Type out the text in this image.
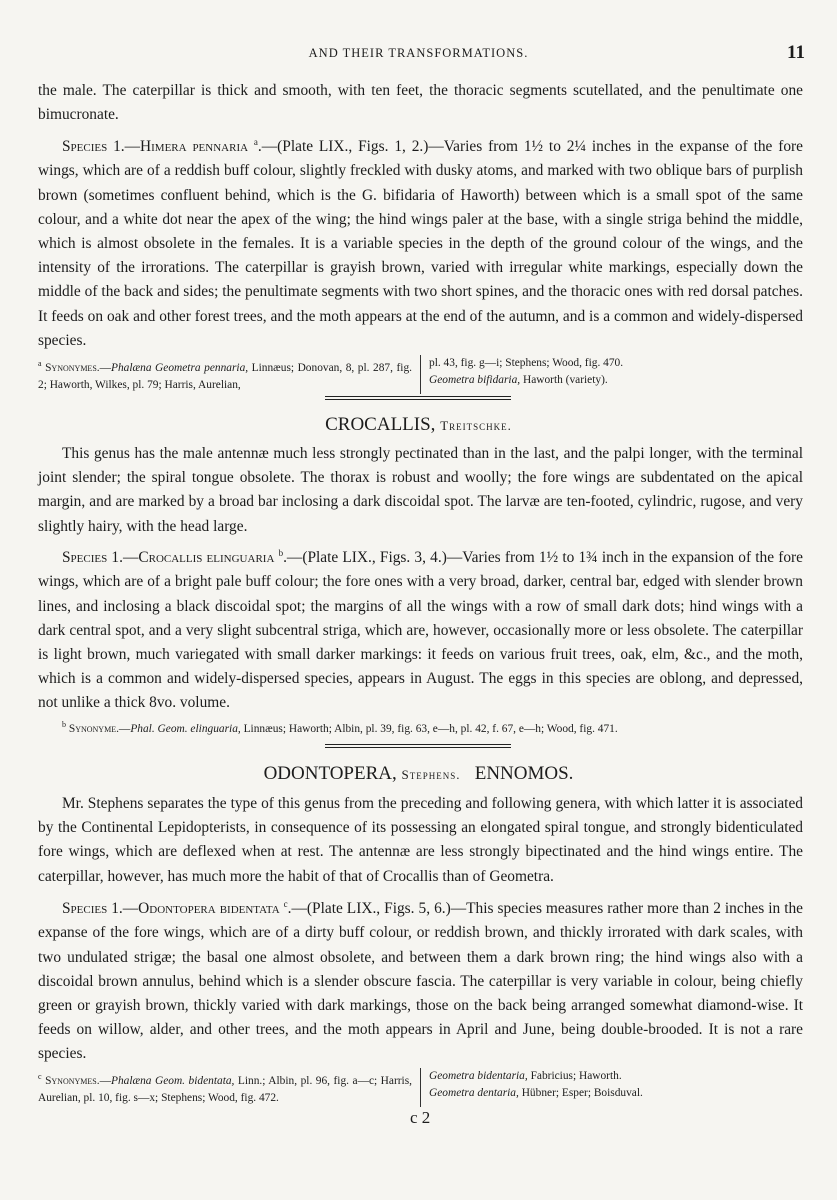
AND THEIR TRANSFORMATIONS.	11

the male. The caterpillar is thick and smooth, with ten feet, the thoracic segments scutellated, and the penultimate one bimucronate.

Species 1.—Himera pennaria $^a$.—(Plate LIX., Figs. 1, 2.)—Varies from 1½ to 2¼ inches in the expanse of the fore wings, which are of a reddish buff colour, slightly freckled with dusky atoms, and marked with two oblique bars of purplish brown (sometimes confluent behind, which is the G. bifidaria of Haworth) between which is a small spot of the same colour, and a white dot near the apex of the wing; the hind wings paler at the base, with a single striga behind the middle, which is almost obsolete in the females. It is a variable species in the depth of the ground colour of the wings, and the intensity of the irrorations. The caterpillar is grayish brown, varied with irregular white markings, especially down the middle of the back and sides; the penultimate segments with two short spines, and the thoracic ones with red dorsal patches. It feeds on oak and other forest trees, and the moth appears at the end of the autumn, and is a common and widely-dispersed species.

$^a$ Synonymes.—Phalæna Geometra pennaria, Linnæus; Donovan, 8, pl. 287, fig. 2; Haworth, Wilkes, pl. 79; Harris, Aurelian,
pl. 43, fig. g—i; Stephens; Wood, fig. 470.
Geometra bifidaria, Haworth (variety).
CROCALLIS, Treitschke.

This genus has the male antennæ much less strongly pectinated than in the last, and the palpi longer, with the terminal joint slender; the spiral tongue obsolete. The thorax is robust and woolly; the fore wings are subdentated on the apical margin, and are marked by a broad bar inclosing a dark discoidal spot. The larvæ are ten-footed, cylindric, rugose, and very slightly hairy, with the head large.

Species 1.—Crocallis elinguaria $^b$.—(Plate LIX., Figs. 3, 4.)—Varies from 1½ to 1¾ inch in the expansion of the fore wings, which are of a bright pale buff colour; the fore ones with a very broad, darker, central bar, edged with slender brown lines, and inclosing a black discoidal spot; the margins of all the wings with a row of small dark dots; hind wings with a dark central spot, and a very slight subcentral striga, which are, however, occasionally more or less obsolete. The caterpillar is light brown, much variegated with small darker markings: it feeds on various fruit trees, oak, elm, &c., and the moth, which is a common and widely-dispersed species, appears in August. The eggs in this species are oblong, and depressed, not unlike a thick 8vo. volume.

$^b$ Synonyme.—Phal. Geom. elinguaria, Linnæus; Haworth; Albin, pl. 39, fig. 63, e—h, pl. 42, f. 67, e—h; Wood, fig. 471.
ODONTOPERA, Stephens. ENNOMOS.

Mr. Stephens separates the type of this genus from the preceding and following genera, with which latter it is associated by the Continental Lepidopterists, in consequence of its possessing an elongated spiral tongue, and strongly bidenticulated fore wings, which are deflexed when at rest. The antennæ are less strongly bipectinated and the hind wings entire. The caterpillar, however, has much more the habit of that of Crocallis than of Geometra.

Species 1.—Odontopera bidentata $^c$.—(Plate LIX., Figs. 5, 6.)—This species measures rather more than 2 inches in the expanse of the fore wings, which are of a dirty buff colour, or reddish brown, and thickly irrorated with dark scales, with two undulated strigæ; the basal one almost obsolete, and between them a dark brown ring; the hind wings also with a discoidal brown annulus, behind which is a slender obscure fascia. The caterpillar is very variable in colour, being chiefly green or grayish brown, thickly varied with dark markings, those on the back being arranged somewhat diamond-wise. It feeds on willow, alder, and other trees, and the moth appears in April and June, being double-brooded. It is not a rare species.

$^c$ Synonymes.—Phalæna Geom. bidentata, Linn.; Albin, pl. 96, fig. a—c; Harris, Aurelian, pl. 10, fig. s—x; Stephens; Wood, fig. 472.
Geometra bidentaria, Fabricius; Haworth.
Geometra dentaria, Hübner; Esper; Boisduval.
c 2
